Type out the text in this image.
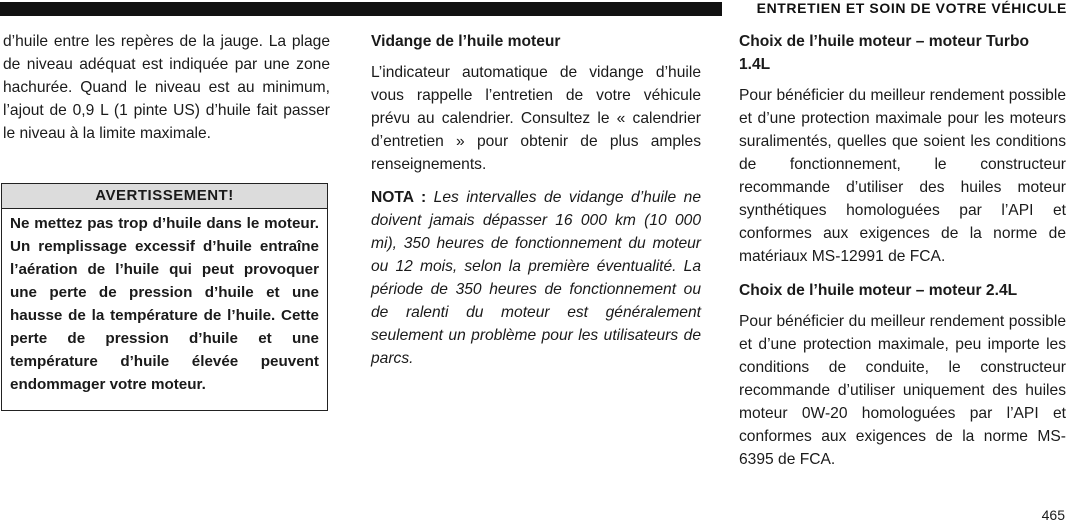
ENTRETIEN ET SOIN DE VOTRE VÉHICULE

d’huile entre les repères de la jauge. La plage de niveau adéquat est indiquée par une zone hachurée. Quand le niveau est au minimum, l’ajout de 0,9 L (1 pinte US) d’huile fait passer le niveau à la limite maximale.

AVERTISSEMENT!
Ne mettez pas trop d’huile dans le moteur. Un remplissage excessif d’huile entraîne l’aération de l’huile qui peut provoquer une perte de pression d’huile et une hausse de la température de l’huile. Cette perte de pression d’huile et une température d’huile élevée peuvent endommager votre moteur.

Vidange de l’huile moteur

L’indicateur automatique de vidange d’huile vous rappelle l’entretien de votre véhicule prévu au calendrier. Consultez le « calendrier d’entretien » pour obtenir de plus amples renseignements.

NOTA : Les intervalles de vidange d’huile ne doivent jamais dépasser 16 000 km (10 000 mi), 350 heures de fonctionnement du moteur ou 12 mois, selon la première éventualité. La période de 350 heures de fonctionnement ou de ralenti du moteur est généralement seulement un problème pour les utilisateurs de parcs.

Choix de l’huile moteur – moteur Turbo 1.4L

Pour bénéficier du meilleur rendement possible et d’une protection maximale pour les moteurs suralimentés, quelles que soient les conditions de fonctionnement, le constructeur recommande d’utiliser des huiles moteur synthétiques homologuées par l’API et conformes aux exigences de la norme de matériaux MS-12991 de FCA.

Choix de l’huile moteur – moteur 2.4L

Pour bénéficier du meilleur rendement possible et d’une protection maximale, peu importe les conditions de conduite, le constructeur recommande d’utiliser uniquement des huiles moteur 0W-20 homologuées par l’API et conformes aux exigences de la norme MS-6395 de FCA.

465
